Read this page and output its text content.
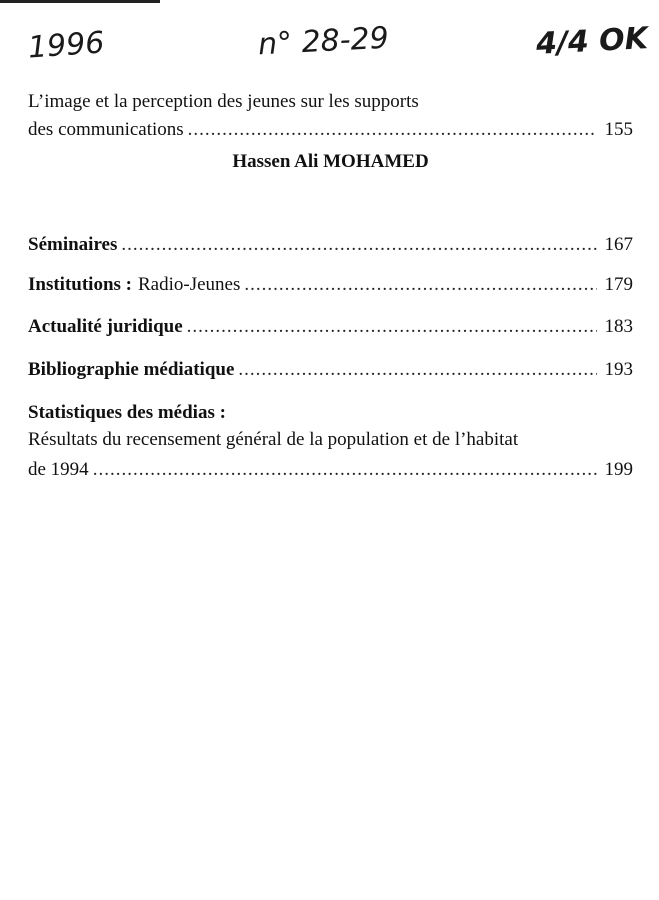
1996	n° 28-29	4/4 OK
L’image et la perception des jeunes sur les supports
des communications .....	155
Hassen Ali MOHAMED
Séminaires .....	167
Institutions : Radio-Jeunes .....	179
Actualité juridique .....	183
Bibliographie médiatique .....	193
Statistiques des médias :
Résultats du recensement général de la population et de l’habitat
de 1994 .....	199
